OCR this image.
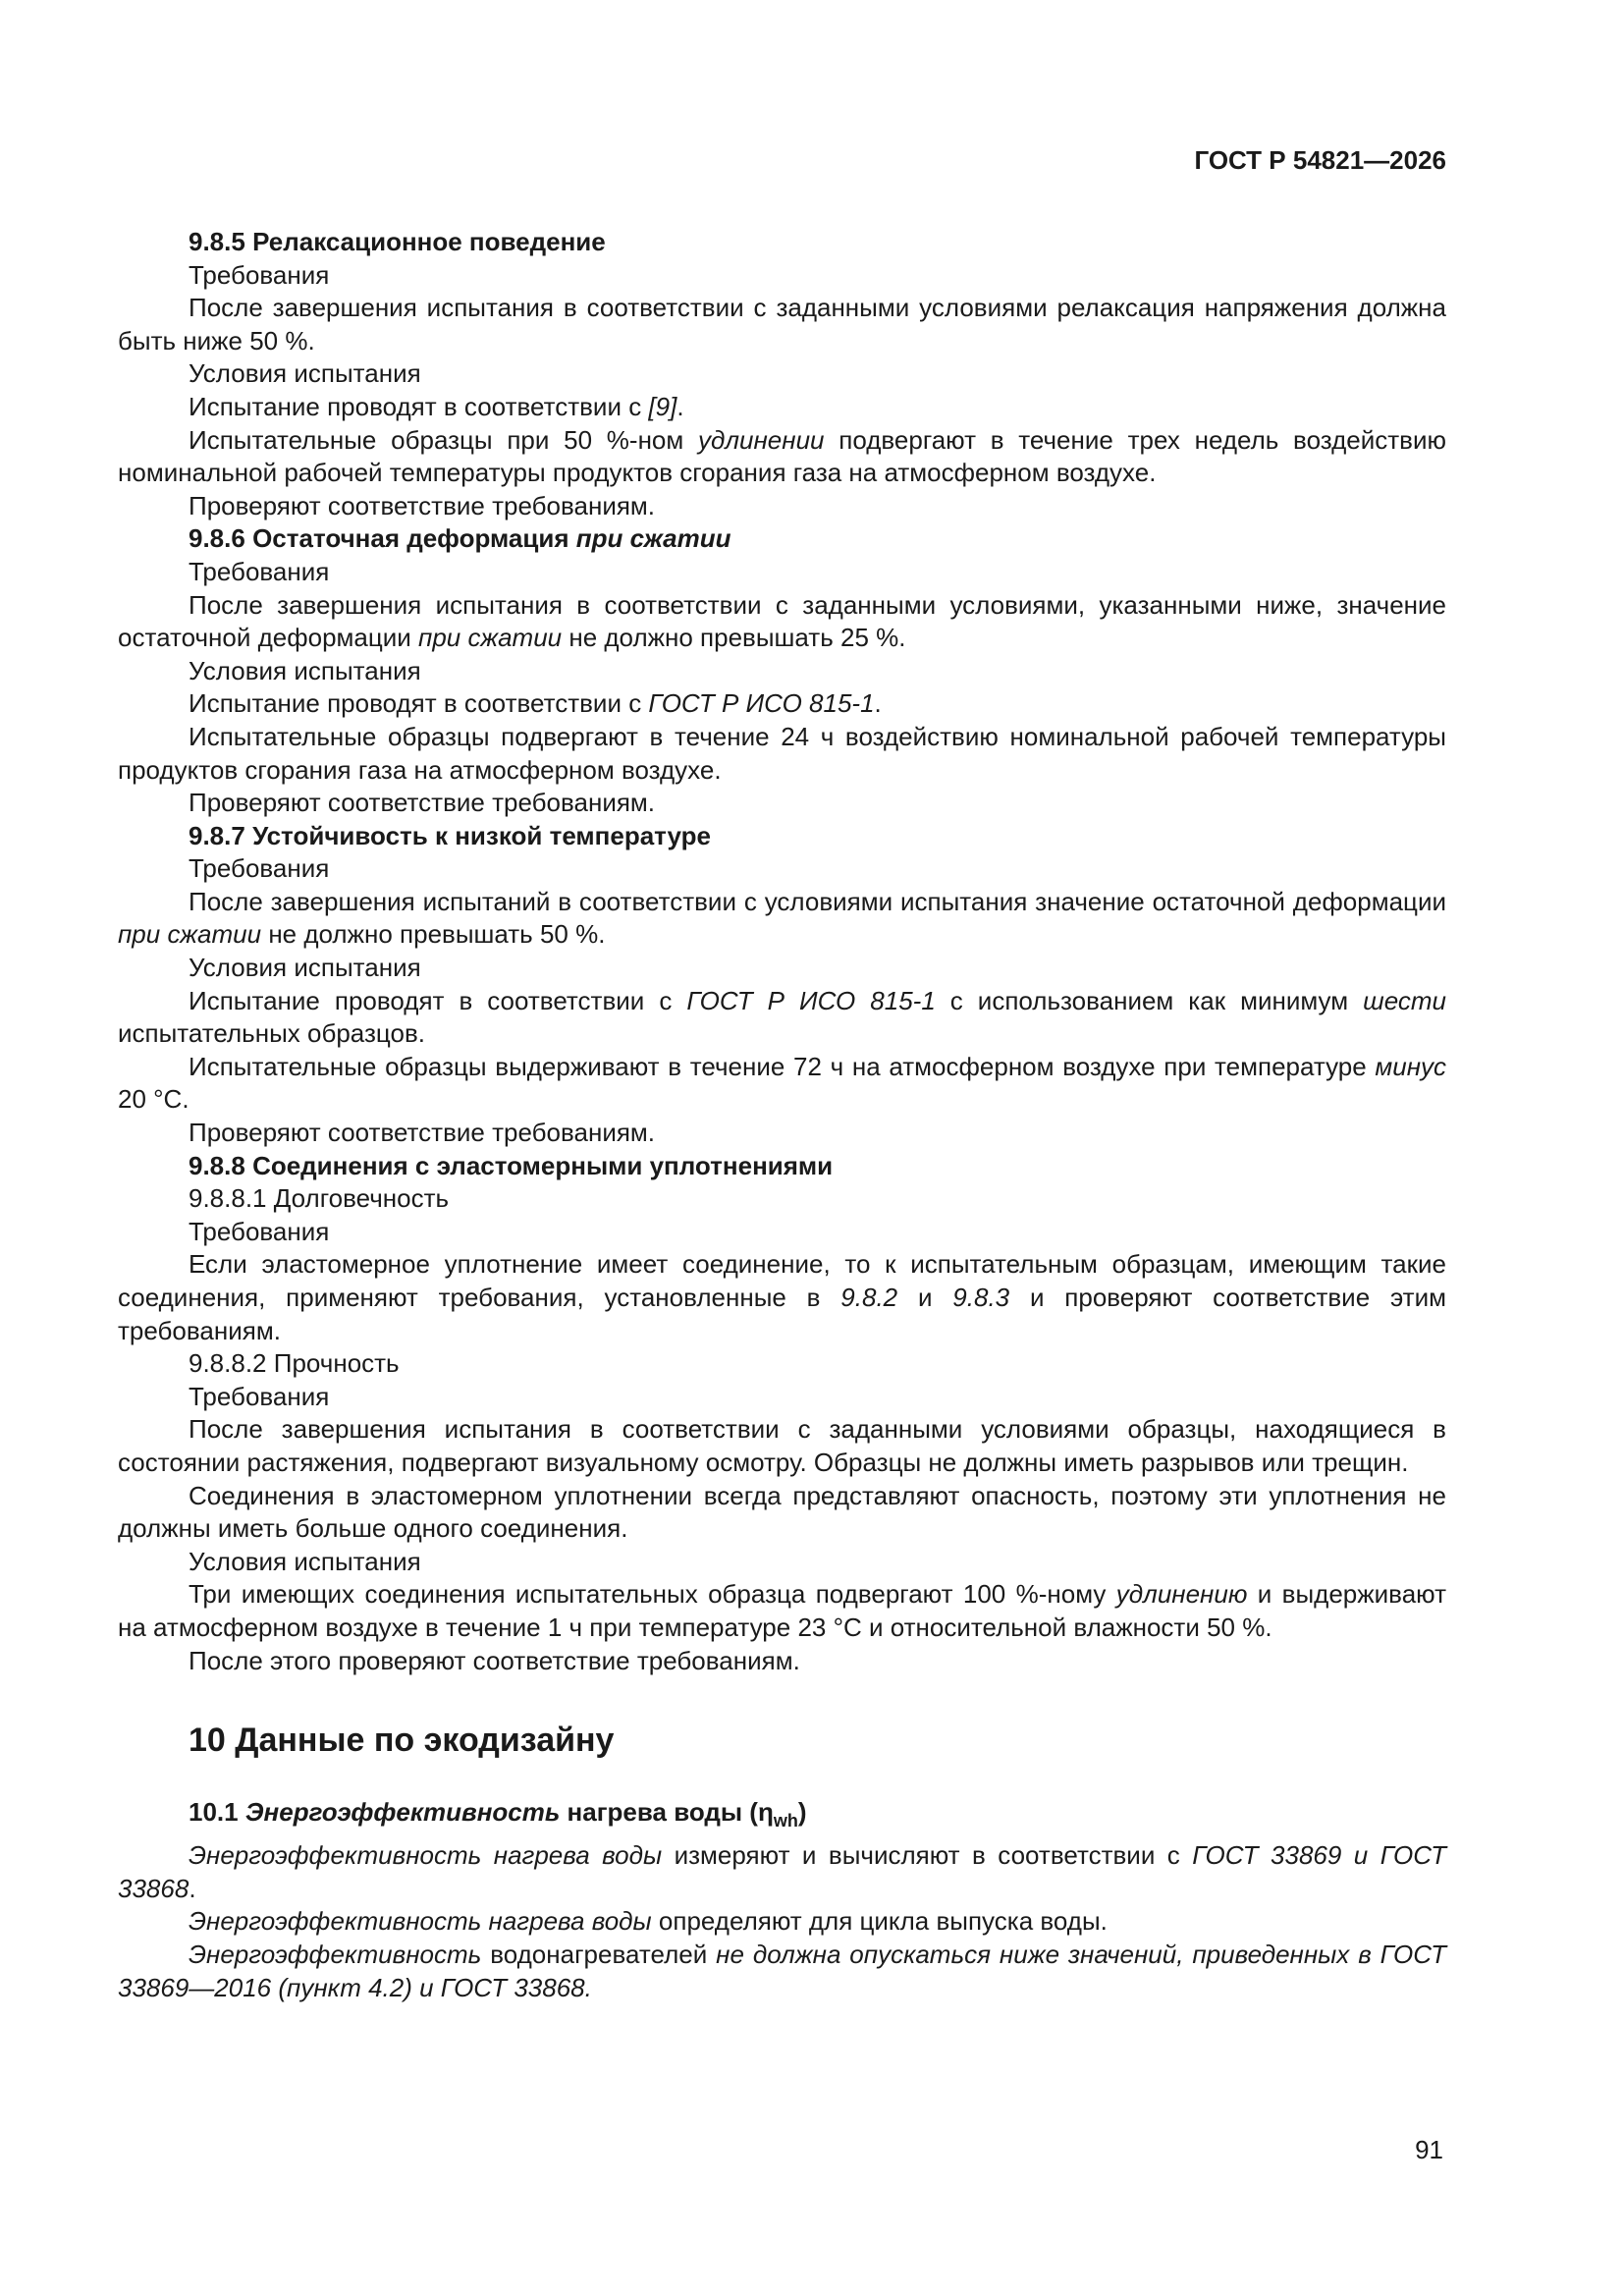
ГОСТ Р 54821—2026

9.8.5 Релаксационное поведение

Требования

После завершения испытания в соответствии с заданными условиями релаксация напряжения должна быть ниже 50 %.

Условия испытания

Испытание проводят в соответствии с [9].

Испытательные образцы при 50 %-ном удлинении подвергают в течение трех недель воздействию номинальной рабочей температуры продуктов сгорания газа на атмосферном воздухе.

Проверяют соответствие требованиям.

9.8.6 Остаточная деформация при сжатии

Требования

После завершения испытания в соответствии с заданными условиями, указанными ниже, значение остаточной деформации при сжатии не должно превышать 25 %.

Условия испытания

Испытание проводят в соответствии с ГОСТ Р ИСО 815-1.

Испытательные образцы подвергают в течение 24 ч воздействию номинальной рабочей температуры продуктов сгорания газа на атмосферном воздухе.

Проверяют соответствие требованиям.

9.8.7 Устойчивость к низкой температуре

Требования

После завершения испытаний в соответствии с условиями испытания значение остаточной деформации при сжатии не должно превышать 50 %.

Условия испытания

Испытание проводят в соответствии с ГОСТ Р ИСО 815-1 с использованием как минимум шести испытательных образцов.

Испытательные образцы выдерживают в течение 72 ч на атмосферном воздухе при температуре минус 20 °C.

Проверяют соответствие требованиям.

9.8.8 Соединения с эластомерными уплотнениями

9.8.8.1 Долговечность

Требования

Если эластомерное уплотнение имеет соединение, то к испытательным образцам, имеющим такие соединения, применяют требования, установленные в 9.8.2 и 9.8.3 и проверяют соответствие этим требованиям.

9.8.8.2 Прочность

Требования

После завершения испытания в соответствии с заданными условиями образцы, находящиеся в состоянии растяжения, подвергают визуальному осмотру. Образцы не должны иметь разрывов или трещин.

Соединения в эластомерном уплотнении всегда представляют опасность, поэтому эти уплотнения не должны иметь больше одного соединения.

Условия испытания

Три имеющих соединения испытательных образца подвергают 100 %-ному удлинению и выдерживают на атмосферном воздухе в течение 1 ч при температуре 23 °C и относительной влажности 50 %.

После этого проверяют соответствие требованиям.

10 Данные по экодизайну

10.1 Энергоэффективность нагрева воды $(\eta_{wh})$

Энергоэффективность нагрева воды измеряют и вычисляют в соответствии с ГОСТ 33869 и ГОСТ 33868.

Энергоэффективность нагрева воды определяют для цикла выпуска воды.

Энергоэффективность водонагревателей не должна опускаться ниже значений, приведенных в ГОСТ 33869—2016 (пункт 4.2) и ГОСТ 33868.

91
